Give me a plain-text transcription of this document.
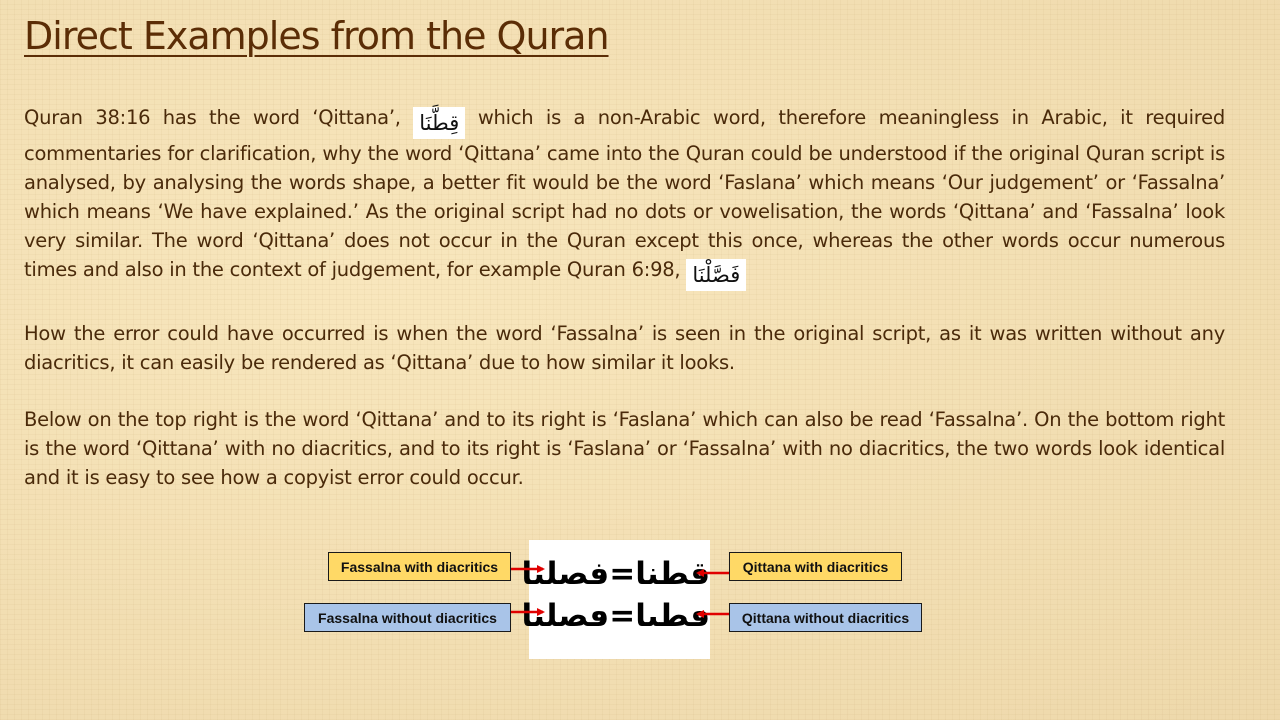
Direct Examples from the Quran

Quran 38:16 has the word ‘Qittana’, قِطَّنَا which is a non-Arabic word, therefore meaningless in Arabic, it required commentaries for clarification, why the word ‘Qittana’ came into the Quran could be understood if the original Quran script is analysed, by analysing the words shape, a better fit would be the word ‘Faslana’ which means ‘Our judgement’ or ‘Fassalna’ which means ‘We have explained.’ As the original script had no dots or vowelisation, the words ‘Qittana’ and ‘Fassalna’ look very similar. The word ‘Qittana’ does not occur in the Quran except this once, whereas the other words occur numerous times and also in the context of judgement, for example Quran 6:98, فَصَّلْنَا

How the error could have occurred is when the word ‘Fassalna’ is seen in the original script, as it was written without any diacritics, it can easily be rendered as ‘Qittana’ due to how similar it looks.

Below on the top right is the word ‘Qittana’ and to its right is ‘Faslana’ which can also be read ‘Fassalna’. On the bottom right is the word ‘Qittana’ with no diacritics, and to its right is ‘Faslana’ or ‘Fassalna’ with no diacritics, the two words look identical and it is easy to see how a copyist error could occur.

Fassalna with diacritics
Fassalna without diacritics
Qittana with diacritics
Qittana without diacritics
قطنا=فصلنا
ٯطٮا=ٯصلٮا
